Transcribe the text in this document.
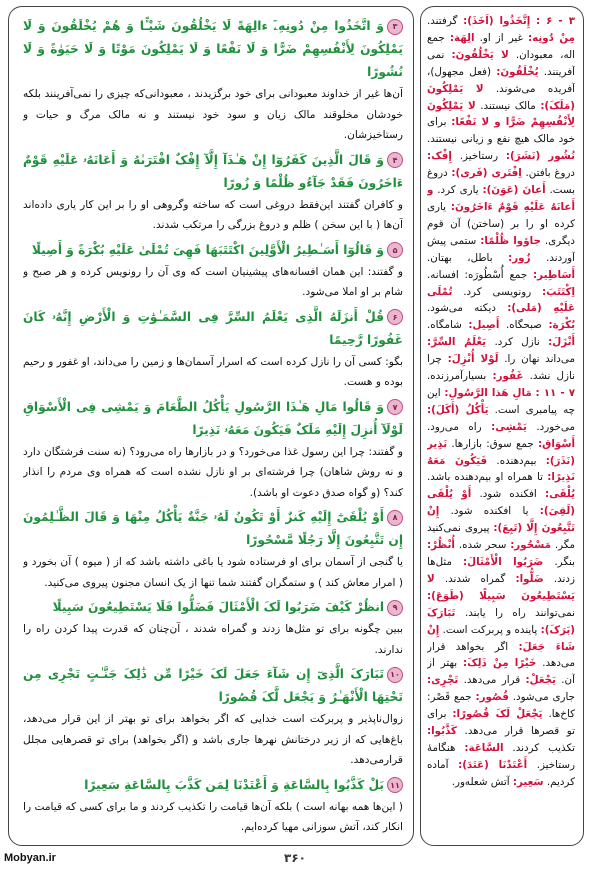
۳وَ اتَّخَذُوا مِنْ دُونِهِۦٓ ءالِهَةً لَا یَخْلُقُونَ شَیْـًٔا وَ هُمْ یُخْلَقُونَ وَ لَا یَمْلِکُونَ لِأَنْفُسِهِمْ ضَرًّا وَ لَا نَفْعًا وَ لَا یَمْلِکُونَ مَوْتًا وَ لَا حَیَوٰةً وَ لَا نُشُورًا

آن‌ها غیر از خداوند معبودانی برای خود برگزیدند ، معبودانی‌که چیزی را نمی‌آفرینند بلکه خودشان مخلوقند مالک زیان و سود خود نیستند و نه مالک مرگ و حیات و رستاخیزشان.

۴وَ قَالَ الَّذِینَ کَفَرُوٓا إِنْ هَـٰذَآ إِلَّآ إِفْکٌ افْتَرَىٰهُ وَ أَعَانَهُۥ عَلَیْهِ قَوْمٌ ءَاخَرُونَ فَقَدْ جَآءُو ظُلْمًا وَ زُورًا

و کافران گفتند این‌فقط دروغی است که ساخته وگروهی او را بر این کار یاری داده‌اند آن‌ها ( با این سخن ) ظلم و دروغ بزرگی را مرتکب شدند.

۵وَ قَالُوٓا أَسَـٰطِیرُ الْأَوَّلِینَ اکْتَتَبَهَا فَهِیَ تُمْلَىٰ عَلَیْهِ بُکْرَةً وَ أَصِیلًا

و گفتند: این همان افسانه‌های پیشینیان است که وی آن را رونویس کرده و هر صبح و شام بر او املا می‌شود.

۶قُلْ أَنزَلَهُ الَّذِی یَعْلَمُ السِّرَّ فِی السَّمَـٰوَٰتِ وَ الْأَرْضِ إِنَّهُۥ کَانَ غَفُورًا رَّحِیمًا

بگو: کسی آن را نازل کرده است که اسرار آسمان‌ها و زمین را می‌داند، او غفور و رحیم بوده و هست.

۷وَ قَالُوا مَالِ هَـٰذَا الرَّسُولِ یَأْکُلُ الطَّعَامَ وَ یَمْشِی فِی الْأَسْوَاقِ لَوْلَآ أُنزِلَ إِلَیْهِ مَلَکٌ فَیَکُونَ مَعَهُۥ نَذِیرًا

و گفتند: چرا این رسول غذا می‌خورد؟ و در بازارها راه می‌رود؟ (نه سنت فرشتگان دارد و نه روش شاهان) چرا فرشته‌ای بر او نازل نشده است که همراه وی مردم را انذار کند؟ (و گواه صدق دعوت او باشد).

۸أَوْ یُلْقَىٰٓ إِلَیْهِ کَنزٌ أَوْ تَکُونُ لَهُۥ جَنَّةٌ یَأْکُلُ مِنْهَا وَ قَالَ الظَّـٰلِمُونَ إِن تَتَّبِعُونَ إِلَّا رَجُلًا مَّسْحُورًا

یا گنجی از آسمان برای او فرستاده شود یا باغی داشته باشد که از ( میوه ) آن بخورد و ( امرار معاش کند ) و ستمگران گفتند شما تنها از یک انسان مجنون پیروی می‌کنید.

۹انظُرْ کَیْفَ ضَرَبُوا لَکَ الْأَمْثَالَ فَضَلُّوا فَلَا یَسْتَطِیعُونَ سَبِیلًا

ببین چگونه برای تو مثل‌ها زدند و گمراه شدند ، آن‌چنان که قدرت پیدا کردن راه را ندارند.

۱۰تَبَارَکَ الَّذِیٓ إِن شَآءَ جَعَلَ لَکَ خَیْرًا مِّن ذَٰلِکَ جَنَّـٰتٍ تَجْرِی مِن تَحْتِهَا الْأَنْهَـٰرُ وَ یَجْعَل لَّکَ قُصُورًا

زوال‌ناپذیر و پربرکت است خدایی که اگر بخواهد برای تو بهتر از این قرار می‌دهد، باغ‌هایی که از زیر درختانش نهرها جاری باشد و (اگر بخواهد) برای تو قصرهایی مجلل قرارمی‌دهد.

۱۱بَلْ کَذَّبُوا بِالسَّاعَةِ وَ أَعْتَدْنَا لِمَن کَذَّبَ بِالسَّاعَةِ سَعِیرًا

( این‌ها همه بهانه است ) بلکه آن‌ها قیامت را تکذیب کردند و ما برای کسی که قیامت را انکار کند، آتش سوزانی مهیا کرده‌ایم.

۳ - ۶ : إِتَّخَذُوا (اَخَذَ): گرفتند. مِنْ دُونِه: غیر از او. الِهَة: جمع اله، معبودان. لا یَخْلُقُونَ: نمی آفرینند. یُخْلَقُونَ: (فعل مجهول)، آفریده می‌شوند. لا یَمْلِکُونَ (مَلَکَ): مالک نیستند. لا یَمْلِکُونَ لِأَنْفُسِهِمْ ضَرًّا و لا نَفْعًا: برای خود مالک هیچ نفع و زیانی نیستند. نُشُور (نَشَرَ): رستاخیز. إِفْک: دروغ بافتن. اِفْتَرى (فَرى): دروغ بست. أَعانَ (عَوَنَ): یاری کرد. و أَعانَهُ عَلَیْهِ قَوْمٌ ءَاخَرُونَ: یاری کرده او را بر (ساختن) آن قوم دیگری. جاؤوا ظُلْمًا: ستمی پیش آوردند. زُور: باطل، بهتان. أَسَاطِیر: جمع أُسْطُورَه: افسانه. اِکْتَتَبَ: رونویسی کرد. تُمْلَى عَلَیْهِ (مَلى): دیکته می‌شود. بُکْرَة: صبحگاه. أَصِیل: شامگاه. أَنْزَلَ: نازل کرد. یَعْلَمُ السِّرَّ: می‌داند نهان را. لَوْلا أُنْزِلَ: چرا نازل نشد. غَفُور: بسیارآمرزنده. ۷ - ۱۱ : مَالِ هَذا الرَّسُولِ: این چه پیامبری است. یَأْکُلُ (أَکَلَ): می‌خورد. یَمْشِی: راه می‌رود. أَسْوَاق: جمع سوق: بازارها. نَذِیر (نَذَرَ): بیم‌دهنده. فَیَکُونَ مَعَهُ نَذِیرًا: تا همراه او بیم‌دهنده باشد. یُلْقَى: افکنده شود. أَوْ یُلْقَى (لَقِیَ): یا افکنده شود. إِنْ تَتَّبِعُونَ إِلَّا (تَبِعَ): پیروی نمی‌کنید مگر. مَسْحُور: سحر شده. أُنْظُرْ: بنگر. ضَرَبُوا الْأَمْثَالَ: مثل‌ها زدند. ضَلُّوا: گمراه شدند. لا یَسْتَطِیعُونَ سَبِیلًا (طَوَعَ): نمی‌توانند راه را یابند. تَبَارَکَ (بَرَکَ): پاینده و پربرکت است. إِنْ شَاءَ جَعَلَ: اگر بخواهد قرار می‌دهد. خَیْرًا مِنْ ذَلِکَ: بهتر از آن. یَجْعَلْ: قرار می‌دهد. تَجْرِی: جاری می‌شود. قُصُور: جمع قَصْر: کاخ‌ها. یَجْعَلْ لَکَ قُصُورًا: برای تو قصرها قرار می‌دهد. کَذَّبُوا: تکذیب کردند. السَّاعَة: هنگامهٔ رستاخیز. أَعْتَدْنَا (عَتَدَ): آماده کردیم. سَعِیر: آتش شعله‌ور.
Mobyan.ir	۳۶۰
